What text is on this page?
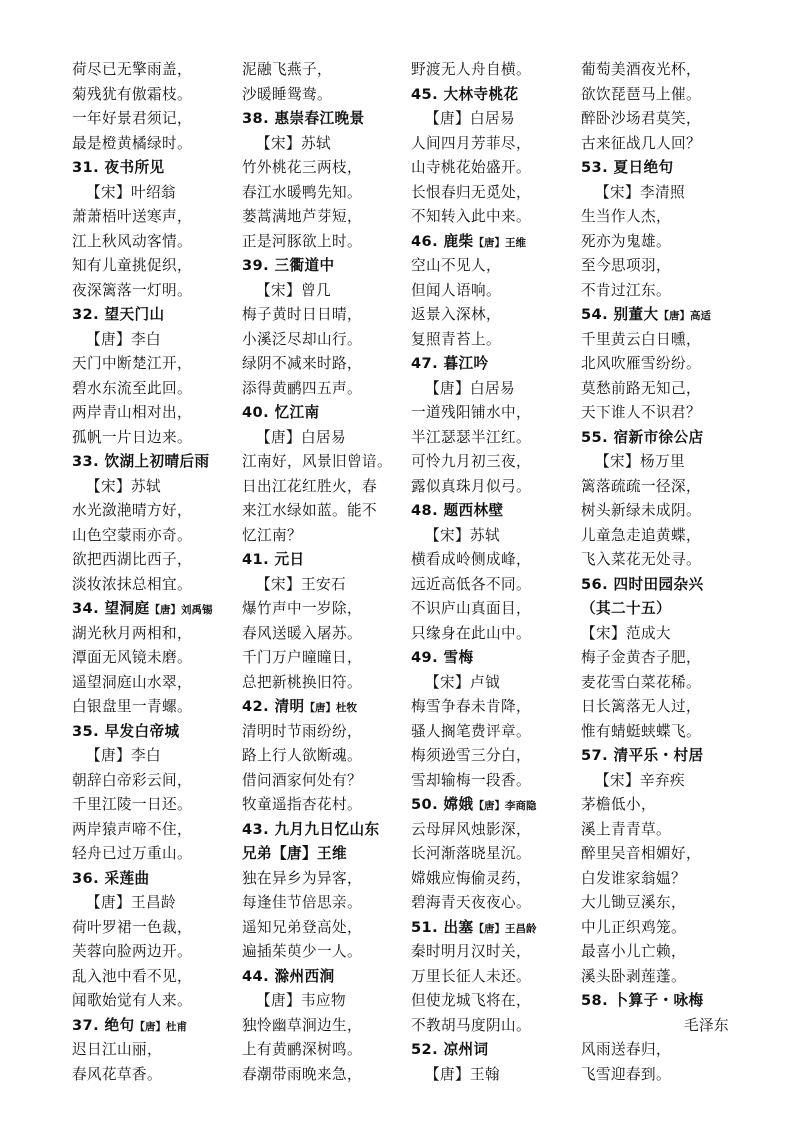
荷尽已无擎雨盖，
菊残犹有傲霜枝。
一年好景君须记，
最是橙黄橘绿时。
31. 夜书所见
【宋】叶绍翁
萧萧梧叶送寒声，
江上秋风动客情。
知有儿童挑促织，
夜深篱落一灯明。
32. 望天门山
【唐】李白
天门中断楚江开，
碧水东流至此回。
两岸青山相对出，
孤帆一片日边来。
33. 饮湖上初晴后雨
【宋】苏轼
水光潋滟晴方好，
山色空蒙雨亦奇。
欲把西湖比西子，
淡妆浓抹总相宜。
34. 望洞庭【唐】刘禹锡
湖光秋月两相和，
潭面无风镜未磨。
遥望洞庭山水翠，
白银盘里一青螺。
35. 早发白帝城
【唐】李白
朝辞白帝彩云间，
千里江陵一日还。
两岸猿声啼不住，
轻舟已过万重山。
36. 采莲曲
【唐】王昌龄
荷叶罗裙一色裁，
芙蓉向脸两边开。
乱入池中看不见，
闻歌始觉有人来。
37. 绝句【唐】杜甫
迟日江山丽，
春风花草香。
泥融飞燕子，
沙暖睡鸳鸯。
38. 惠崇春江晚景
【宋】苏轼
竹外桃花三两枝，
春江水暖鸭先知。
蒌蒿满地芦芽短，
正是河豚欲上时。
39. 三衢道中
【宋】曾几
梅子黄时日日晴，
小溪泛尽却山行。
绿阴不减来时路，
添得黄鹂四五声。
40. 忆江南
【唐】白居易
江南好，风景旧曾谙。
日出江花红胜火，春
来江水绿如蓝。能不
忆江南？
41. 元日
【宋】王安石
爆竹声中一岁除，
春风送暖入屠苏。
千门万户曈曈日，
总把新桃换旧符。
42. 清明【唐】杜牧
清明时节雨纷纷，
路上行人欲断魂。
借问酒家何处有？
牧童遥指杏花村。
43. 九月九日忆山东
兄弟【唐】王维
独在异乡为异客，
每逢佳节倍思亲。
遥知兄弟登高处，
遍插茱萸少一人。
44. 滁州西涧
【唐】韦应物
独怜幽草涧边生，
上有黄鹂深树鸣。
春潮带雨晚来急，
野渡无人舟自横。
45. 大林寺桃花
【唐】白居易
人间四月芳菲尽，
山寺桃花始盛开。
长恨春归无觅处，
不知转入此中来。
46. 鹿柴【唐】王维
空山不见人，
但闻人语响。
返景入深林，
复照青苔上。
47. 暮江吟
【唐】白居易
一道残阳铺水中，
半江瑟瑟半江红。
可怜九月初三夜，
露似真珠月似弓。
48. 题西林壁
【宋】苏轼
横看成岭侧成峰，
远近高低各不同。
不识庐山真面目，
只缘身在此山中。
49. 雪梅
【宋】卢钺
梅雪争春未肯降，
骚人搁笔费评章。
梅须逊雪三分白，
雪却输梅一段香。
50. 嫦娥【唐】李商隐
云母屏风烛影深，
长河渐落晓星沉。
嫦娥应悔偷灵药，
碧海青天夜夜心。
51. 出塞【唐】王昌龄
秦时明月汉时关，
万里长征人未还。
但使龙城飞将在，
不教胡马度阴山。
52. 凉州词
【唐】王翰
葡萄美酒夜光杯，
欲饮琵琶马上催。
醉卧沙场君莫笑，
古来征战几人回？
53. 夏日绝句
【宋】李清照
生当作人杰，
死亦为鬼雄。
至今思项羽，
不肯过江东。
54. 别董大【唐】高适
千里黄云白日曛，
北风吹雁雪纷纷。
莫愁前路无知己，
天下谁人不识君？
55. 宿新市徐公店
【宋】杨万里
篱落疏疏一径深，
树头新绿未成阴。
儿童急走追黄蝶，
飞入菜花无处寻。
56. 四时田园杂兴
（其二十五）
【宋】范成大
梅子金黄杏子肥，
麦花雪白菜花稀。
日长篱落无人过，
惟有蜻蜓蛱蝶飞。
57. 清平乐・村居
【宋】辛弃疾
茅檐低小，
溪上青青草。
醉里吴音相媚好，
白发谁家翁媪？
大儿锄豆溪东，
中儿正织鸡笼。
最喜小儿亡赖，
溪头卧剥莲蓬。
58. 卜算子・咏梅
毛泽东
风雨送春归，
飞雪迎春到。
